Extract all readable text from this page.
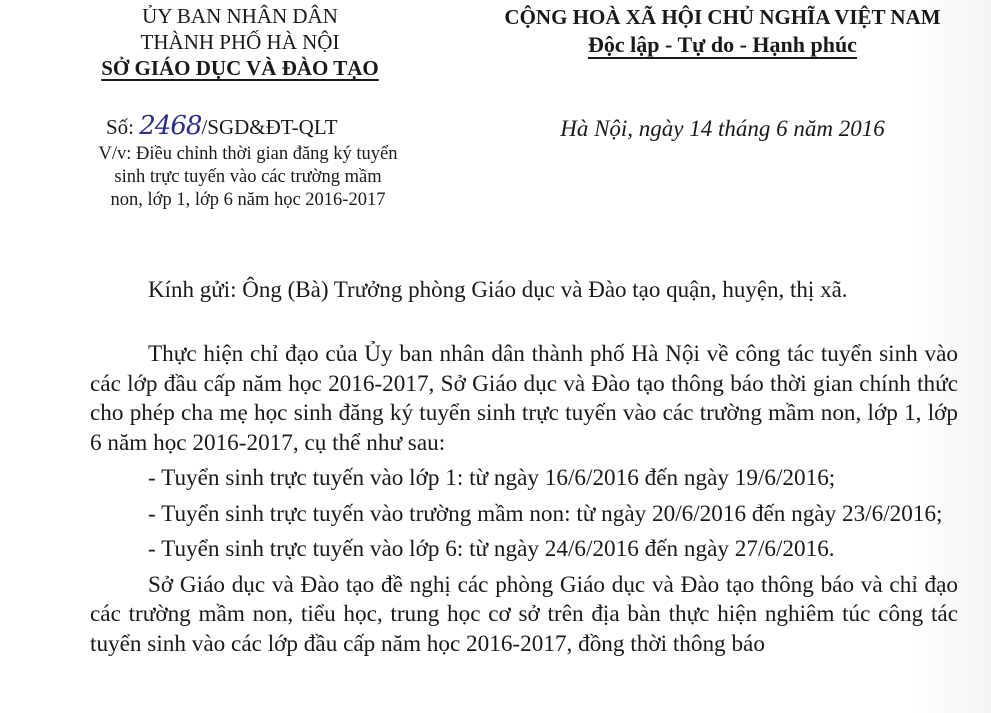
ỦY BAN NHÂN DÂN
THÀNH PHỐ HÀ NỘI
SỞ GIÁO DỤC VÀ ĐÀO TẠO
CỘNG HOÀ XÃ HỘI CHỦ NGHĨA VIỆT NAM
Độc lập - Tự do - Hạnh phúc
Số: 2468/SGD&ĐT-QLT
V/v: Điều chỉnh thời gian đăng ký tuyển
sinh trực tuyến vào các trường mầm
non, lớp 1, lớp 6 năm học 2016-2017
Hà Nội, ngày 14 tháng 6 năm 2016
Kính gửi: Ông (Bà) Trưởng phòng Giáo dục và Đào tạo quận, huyện, thị xã.

Thực hiện chỉ đạo của Ủy ban nhân dân thành phố Hà Nội về công tác tuyển sinh vào các lớp đầu cấp năm học 2016-2017, Sở Giáo dục và Đào tạo thông báo thời gian chính thức cho phép cha mẹ học sinh đăng ký tuyển sinh trực tuyến vào các trường mầm non, lớp 1, lớp 6 năm học 2016-2017, cụ thể như sau:

- Tuyển sinh trực tuyến vào lớp 1: từ ngày 16/6/2016 đến ngày 19/6/2016;

- Tuyển sinh trực tuyến vào trường mầm non: từ ngày 20/6/2016 đến ngày 23/6/2016;

- Tuyển sinh trực tuyến vào lớp 6: từ ngày 24/6/2016 đến ngày 27/6/2016.

Sở Giáo dục và Đào tạo đề nghị các phòng Giáo dục và Đào tạo thông báo và chỉ đạo các trường mầm non, tiểu học, trung học cơ sở trên địa bàn thực hiện nghiêm túc công tác tuyển sinh vào các lớp đầu cấp năm học 2016-2017, đồng thời thông báo
